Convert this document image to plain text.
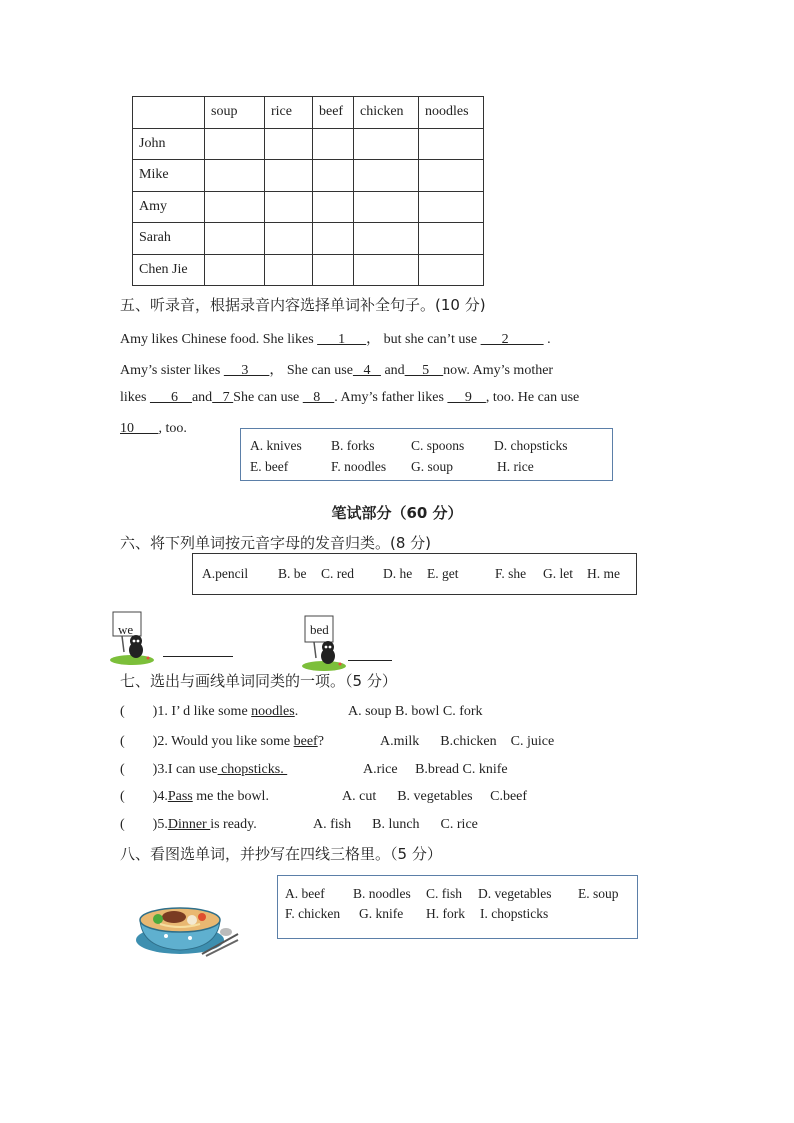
	soup	rice	beef	chicken	noodles
John					
Mike					
Amy					
Sarah					
Chen Jie					
五、听录音，根据录音内容选择单词补全句子。(10 分)
Amy likes Chinese food. She likes       1      ， but she can’t use       2           .
Amy’s sister likes      3      ， She can use   4    and     5    now. Amy’s mother
likes       6    and   7 She can use    8    . Amy’s father likes      9    , too. He can use
10       , too.
A. knives B. forks	C. spoons D. chopsticks
E. beef	F. noodles G. soup	H. rice
笔试部分（60 分）
六、将下列单词按元音字母的发音归类。(8 分)
A.pencil B. be C. red D. he E. get	F. she G. let H. me
we	bed
七、选出与画线单词同类的一项。（5 分）
(        )1. I’ d like some noodles.	A. soup B. bowl C. fork
(        )2. Would you like some beef?	A.milk      B.chicken    C. juice
(        )3.I can use chopsticks.	A.rice     B.bread C. knife
(        )4.Pass me the bowl.	A. cut      B. vegetables     C.beef
(        )5.Dinner is ready.	A. fish      B. lunch      C. rice
八、看图选单词，并抄写在四线三格里。（5 分）
A. beef B. noodles C. fish D. vegetables E. soup
F. chicken G. knife H. fork I. chopsticks
